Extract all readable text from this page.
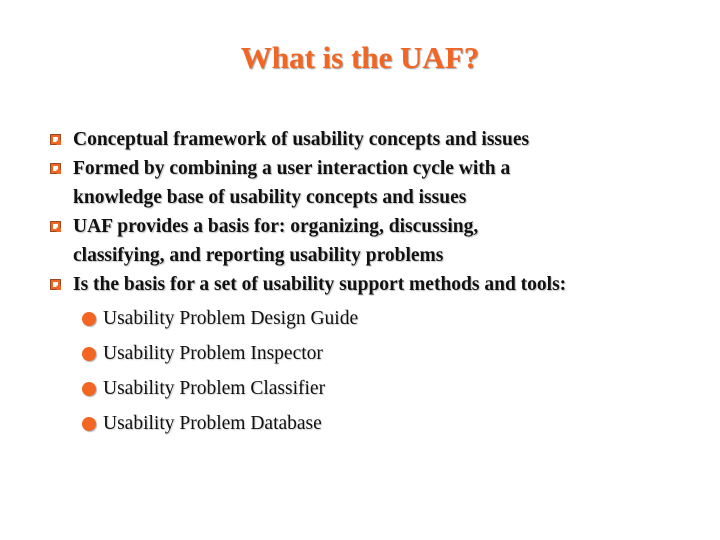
What is the UAF?
Conceptual framework of usability concepts and issues
Formed by combining a user interaction cycle with a
knowledge base of usability concepts and issues
UAF provides a basis for: organizing, discussing,
classifying, and reporting usability problems
Is the basis for a set of usability support methods and tools:
Usability Problem Design Guide
Usability Problem Inspector
Usability Problem Classifier
Usability Problem Database
